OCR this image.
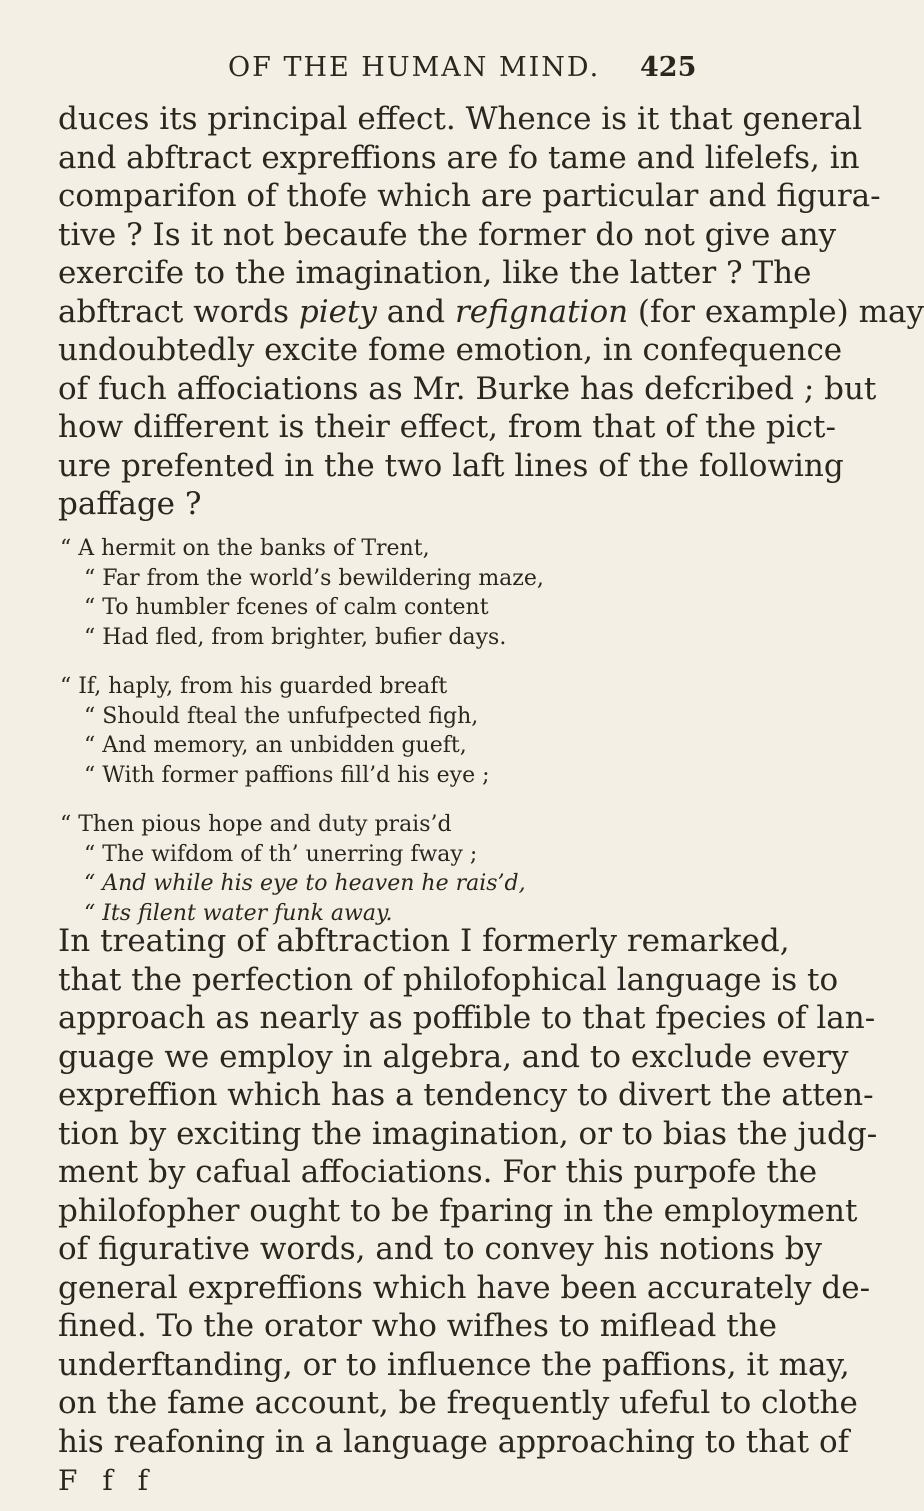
OF THE HUMAN MIND. 425
duces its principal effect. Whence is it that general
and abftract expreffions are fo tame and lifelefs, in
comparifon of thofe which are particular and figura-
tive ? Is it not becaufe the former do not give any
exercife to the imagination, like the latter ? The
abftract words piety and refignation (for example) may
undoubtedly excite fome emotion, in confequence
of fuch affociations as Mr. Burke has defcribed ; but
how different is their effect, from that of the pict-
ure prefented in the two laft lines of the following
paffage ?
“ A hermit on the banks of Trent,
“ Far from the world’s bewildering maze,
“ To humbler fcenes of calm content
“ Had fled, from brighter, bufier days.
“ If, haply, from his guarded breaft
“ Should fteal the unfufpected figh,
“ And memory, an unbidden gueft,
“ With former paffions fill’d his eye ;
“ Then pious hope and duty prais’d
“ The wifdom of th’ unerring fway ;
“ And while his eye to heaven he rais’d,
“ Its filent water funk away.
In treating of abftraction I formerly remarked,
that the perfection of philofophical language is to
approach as nearly as poffible to that fpecies of lan-
guage we employ in algebra, and to exclude every
expreffion which has a tendency to divert the atten-
tion by exciting the imagination, or to bias the judg-
ment by cafual affociations. For this purpofe the
philofopher ought to be fparing in the employment
of figurative words, and to convey his notions by
general expreffions which have been accurately de-
fined. To the orator who wifhes to miflead the
underftanding, or to influence the paffions, it may,
on the fame account, be frequently ufeful to clothe
his reafoning in a language approaching to that of
F f f
